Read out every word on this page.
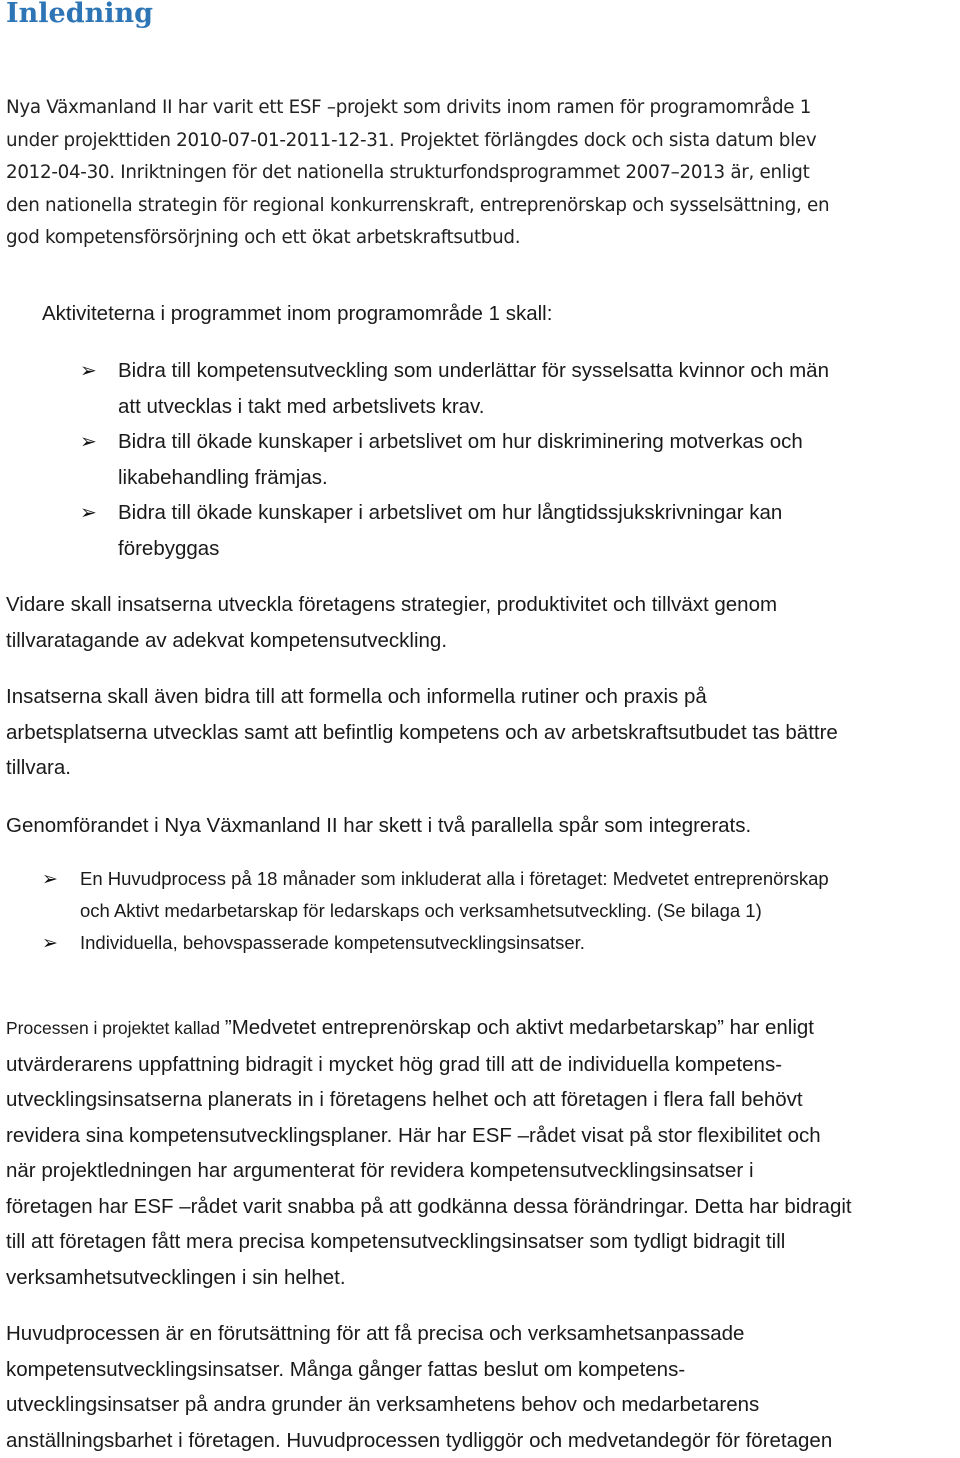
Inledning

Nya Växmanland II har varit ett ESF –projekt som drivits inom ramen för programområde 1
under projekttiden 2010-07-01-2011-12-31. Projektet förlängdes dock och sista datum blev
2012-04-30. Inriktningen för det nationella strukturfondsprogrammet 2007–2013 är, enligt
den nationella strategin för regional konkurrenskraft, entreprenörskap och sysselsättning, en
god kompetensförsörjning och ett ökat arbetskraftsutbud.

Aktiviteterna i programmet inom programområde 1 skall:

➢ Bidra till kompetensutveckling som underlättar för sysselsatta kvinnor och män
att utvecklas i takt med arbetslivets krav.
➢ Bidra till ökade kunskaper i arbetslivet om hur diskriminering motverkas och
likabehandling främjas.
➢ Bidra till ökade kunskaper i arbetslivet om hur långtidssjukskrivningar kan
förebyggas

Vidare skall insatserna utveckla företagens strategier, produktivitet och tillväxt genom
tillvaratagande av adekvat kompetensutveckling.

Insatserna skall även bidra till att formella och informella rutiner och praxis på
arbetsplatserna utvecklas samt att befintlig kompetens och av arbetskraftsutbudet tas bättre
tillvara.

Genomförandet i Nya Växmanland II har skett i två parallella spår som integrerats.

➢ En Huvudprocess på 18 månader som inkluderat alla i företaget: Medvetet entreprenörskap
och Aktivt medarbetarskap för ledarskaps och verksamhetsutveckling. (Se bilaga 1)
➢ Individuella, behovspasserade kompetensutvecklingsinsatser.

Processen i projektet kallad ”Medvetet entreprenörskap och aktivt medarbetarskap” har enligt
utvärderarens uppfattning bidragit i mycket hög grad till att de individuella kompetens-
utvecklingsinsatserna planerats in i företagens helhet och att företagen i flera fall behövt
revidera sina kompetensutvecklingsplaner. Här har ESF –rådet visat på stor flexibilitet och
när projektledningen har argumenterat för revidera kompetensutvecklingsinsatser i
företagen har ESF –rådet varit snabba på att godkänna dessa förändringar. Detta har bidragit
till att företagen fått mera precisa kompetensutvecklingsinsatser som tydligt bidragit till
verksamhetsutvecklingen i sin helhet.

Huvudprocessen är en förutsättning för att få precisa och verksamhetsanpassade
kompetensutvecklingsinsatser. Många gånger fattas beslut om kompetens-
utvecklingsinsatser på andra grunder än verksamhetens behov och medarbetarens
anställningsbarhet i företagen. Huvudprocessen tydliggör och medvetandegör för företagen
